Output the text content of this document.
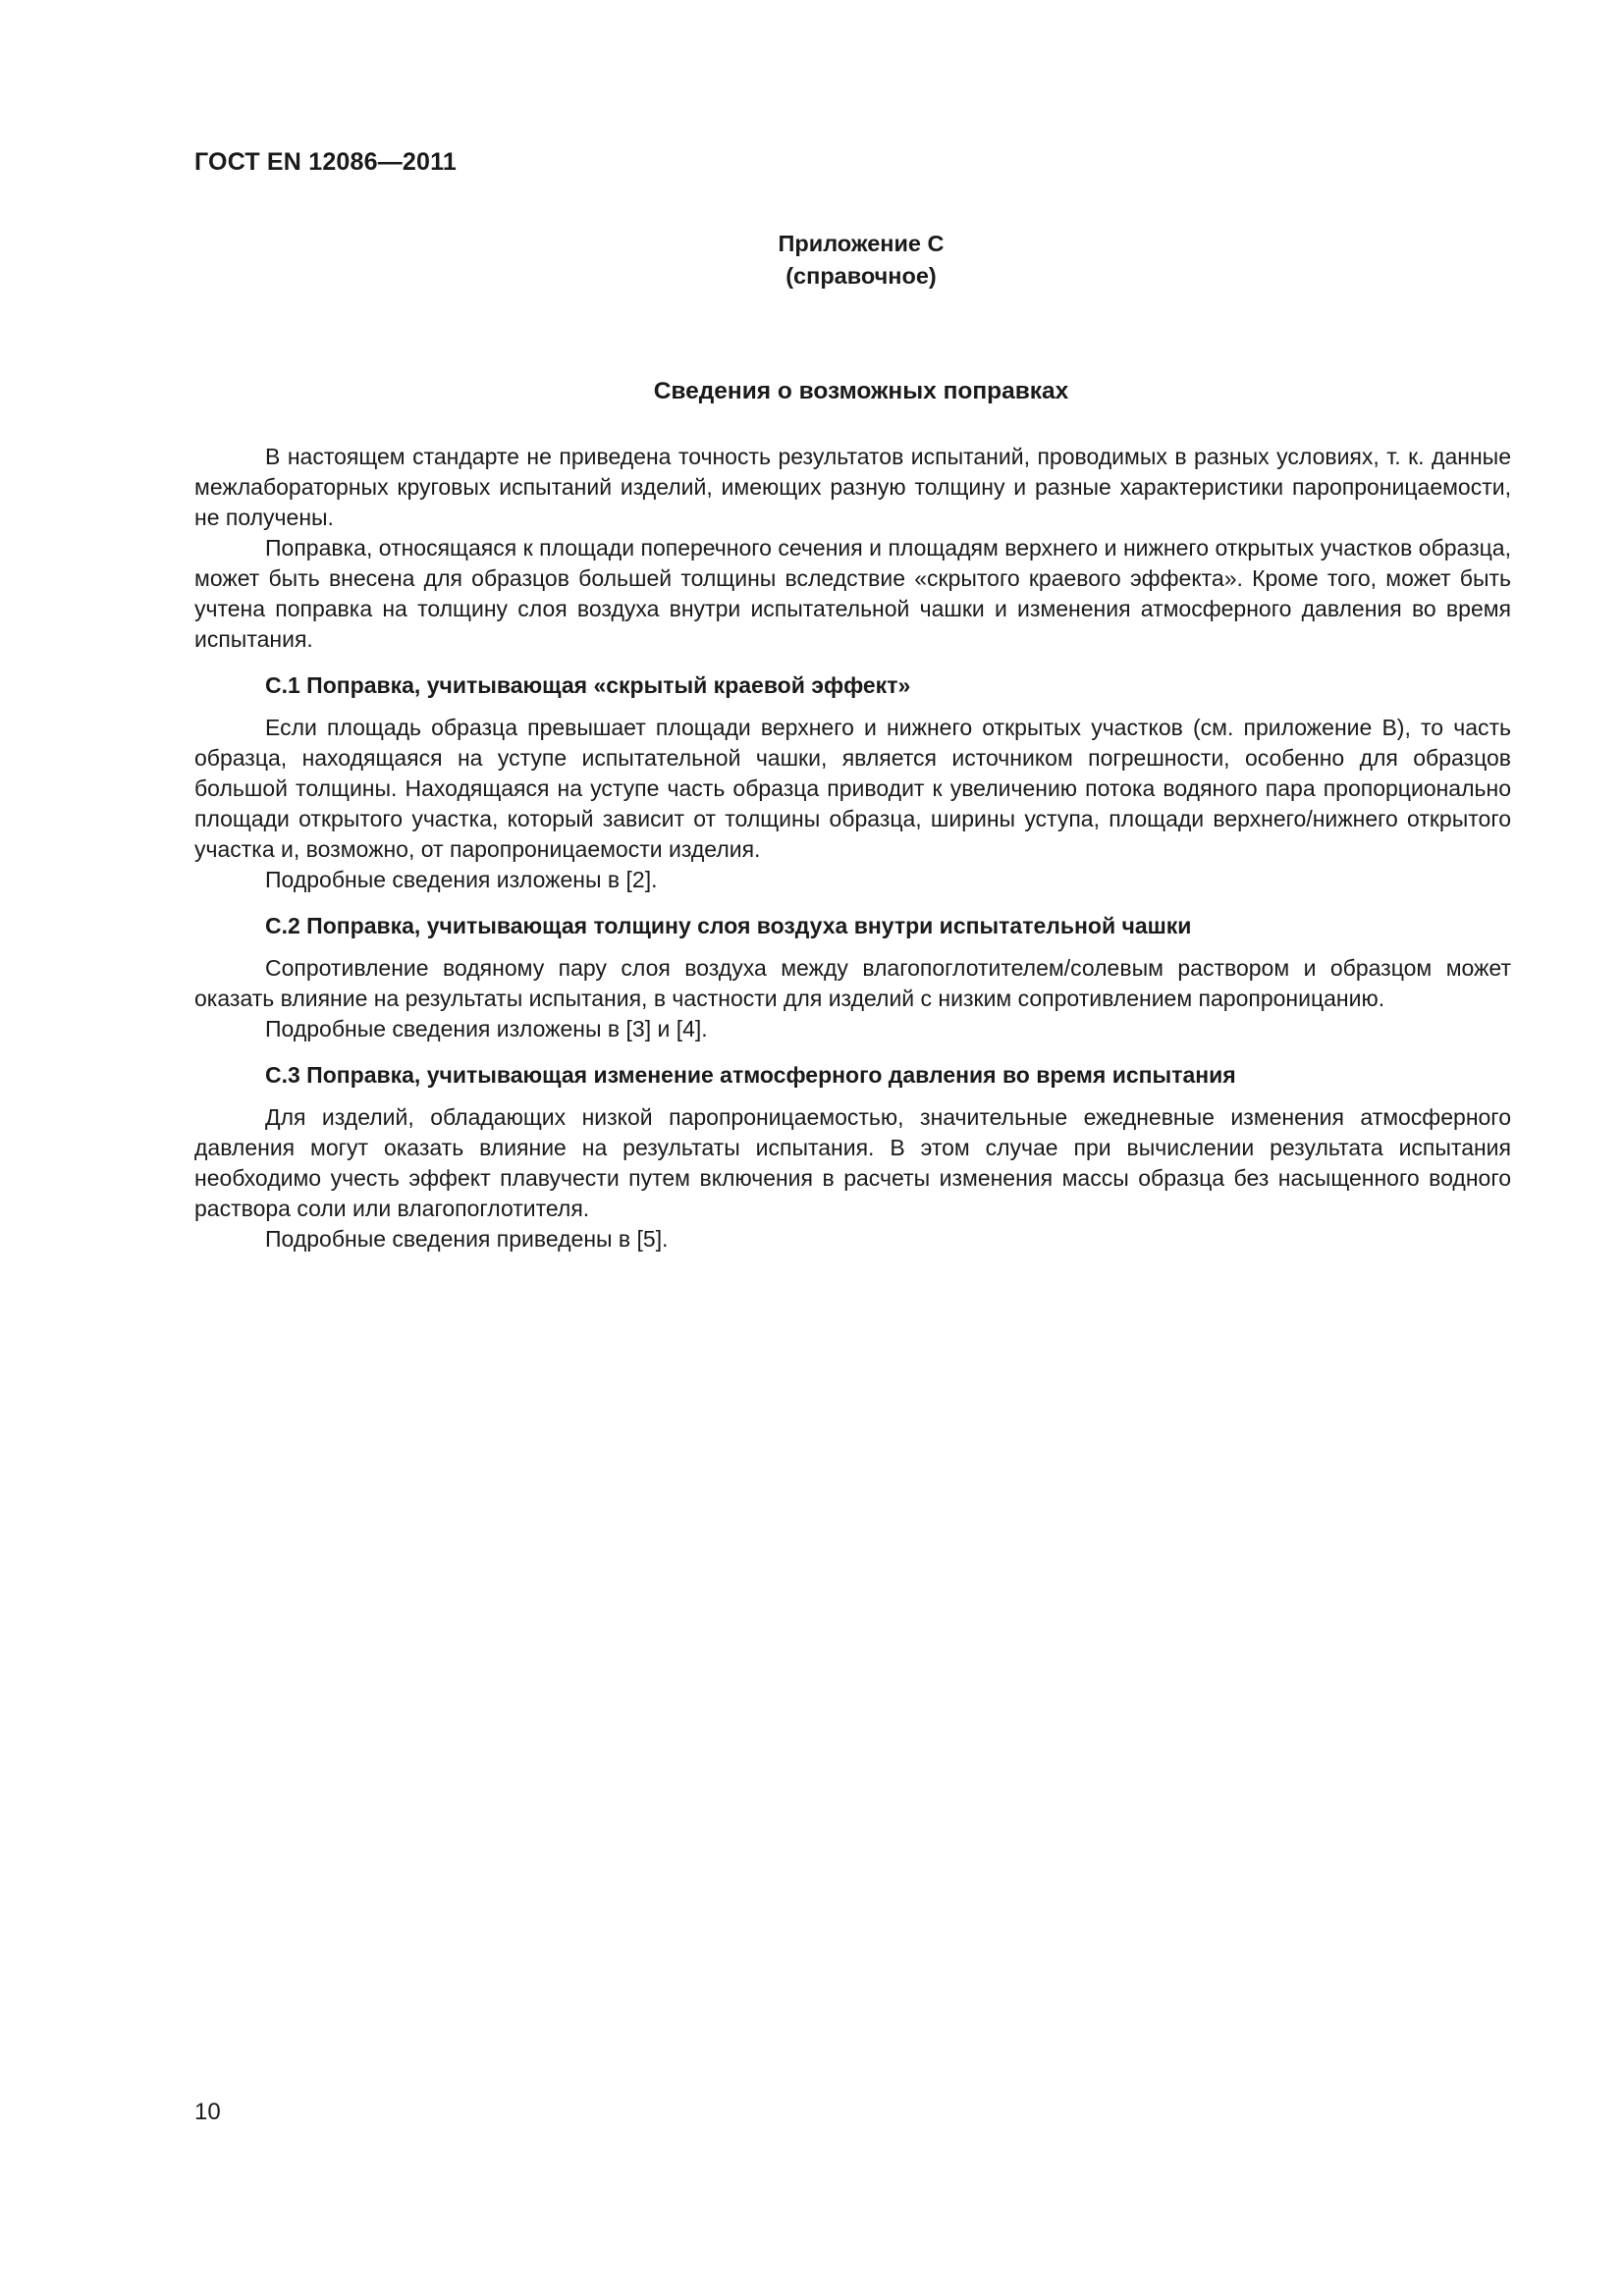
ГОСТ EN 12086—2011
Приложение С
(справочное)
Сведения о возможных поправках

В настоящем стандарте не приведена точность результатов испытаний, проводимых в разных условиях, т. к. данные межлабораторных круговых испытаний изделий, имеющих разную толщину и разные характеристики паропроницаемости, не получены.

Поправка, относящаяся к площади поперечного сечения и площадям верхнего и нижнего открытых участков образца, может быть внесена для образцов большей толщины вследствие «скрытого краевого эффекта». Кроме того, может быть учтена поправка на толщину слоя воздуха внутри испытательной чашки и изменения атмосферного давления во время испытания.

С.1 Поправка, учитывающая «скрытый краевой эффект»

Если площадь образца превышает площади верхнего и нижнего открытых участков (см. приложение В), то часть образца, находящаяся на уступе испытательной чашки, является источником погрешности, особенно для образцов большой толщины. Находящаяся на уступе часть образца приводит к увеличению потока водяного пара пропорционально площади открытого участка, который зависит от толщины образца, ширины уступа, площади верхнего/нижнего открытого участка и, возможно, от паропроницаемости изделия.

Подробные сведения изложены в [2].

С.2 Поправка, учитывающая толщину слоя воздуха внутри испытательной чашки

Сопротивление водяному пару слоя воздуха между влагопоглотителем/солевым раствором и образцом может оказать влияние на результаты испытания, в частности для изделий с низким сопротивлением паропроницанию.

Подробные сведения изложены в [3] и [4].

С.3 Поправка, учитывающая изменение атмосферного давления во время испытания

Для изделий, обладающих низкой паропроницаемостью, значительные ежедневные изменения атмосферного давления могут оказать влияние на результаты испытания. В этом случае при вычислении результата испытания необходимо учесть эффект плавучести путем включения в расчеты изменения массы образца без насыщенного водного раствора соли или влагопоглотителя.

Подробные сведения приведены в [5].

10
